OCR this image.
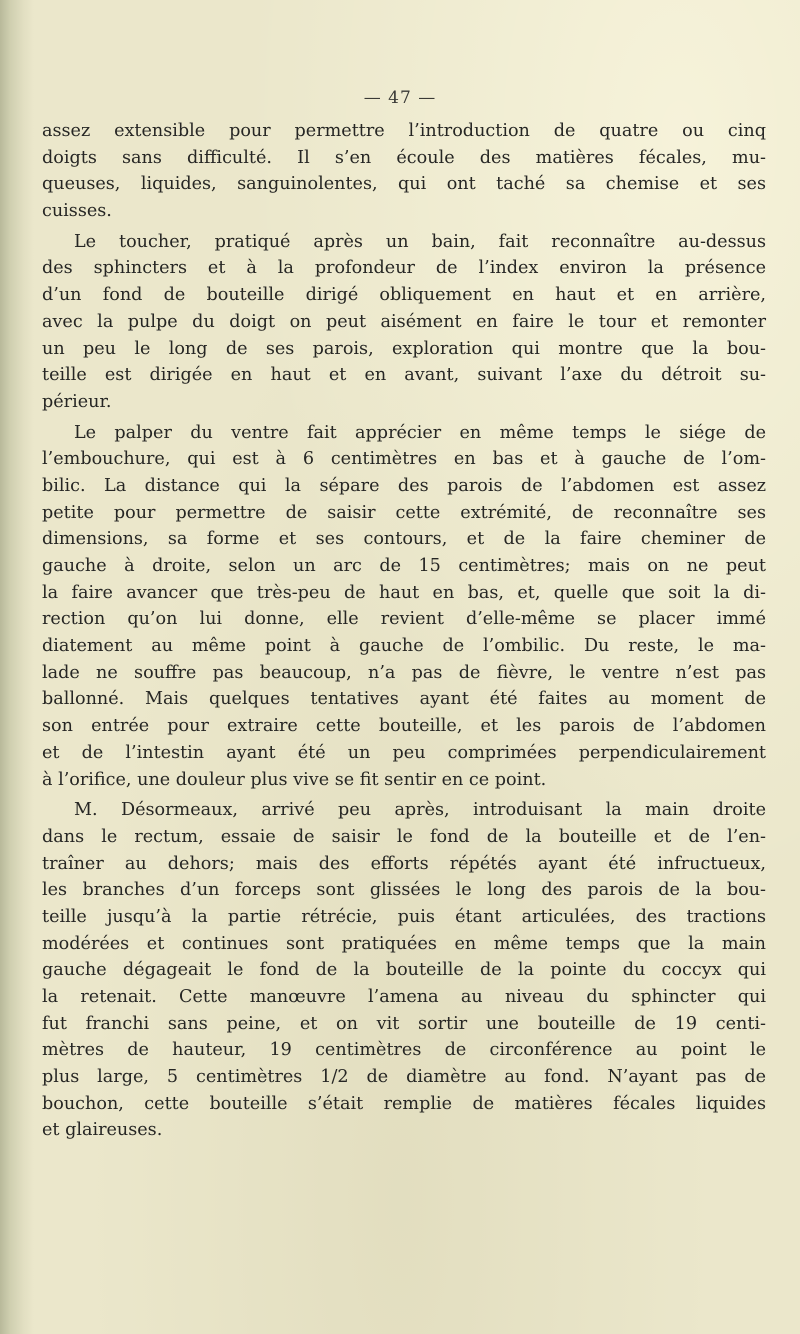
— 47 —
assez extensible pour permettre l’introduction de quatre ou cinq
doigts sans difficulté. Il s’en écoule des matières fécales, mu-
queuses, liquides, sanguinolentes, qui ont taché sa chemise et ses
cuisses.
Le toucher, pratiqué après un bain, fait reconnaître au-dessus
des sphincters et à la profondeur de l’index environ la présence
d’un fond de bouteille dirigé obliquement en haut et en arrière,
avec la pulpe du doigt on peut aisément en faire le tour et remonter
un peu le long de ses parois, exploration qui montre que la bou-
teille est dirigée en haut et en avant, suivant l’axe du détroit su-
périeur.
Le palper du ventre fait apprécier en même temps le siége de
l’embouchure, qui est à 6 centimètres en bas et à gauche de l’om-
bilic. La distance qui la sépare des parois de l’abdomen est assez
petite pour permettre de saisir cette extrémité, de reconnaître ses
dimensions, sa forme et ses contours, et de la faire cheminer de
gauche à droite, selon un arc de 15 centimètres; mais on ne peut
la faire avancer que très-peu de haut en bas, et, quelle que soit la di-
rection qu’on lui donne, elle revient d’elle-même se placer immé
diatement au même point à gauche de l’ombilic. Du reste, le ma-
lade ne souffre pas beaucoup, n’a pas de fièvre, le ventre n’est pas
ballonné. Mais quelques tentatives ayant été faites au moment de
son entrée pour extraire cette bouteille, et les parois de l’abdomen
et de l’intestin ayant été un peu comprimées perpendiculairement
à l’orifice, une douleur plus vive se fit sentir en ce point.
M. Désormeaux, arrivé peu après, introduisant la main droite
dans le rectum, essaie de saisir le fond de la bouteille et de l’en-
traîner au dehors; mais des efforts répétés ayant été infructueux,
les branches d’un forceps sont glissées le long des parois de la bou-
teille jusqu’à la partie rétrécie, puis étant articulées, des tractions
modérées et continues sont pratiquées en même temps que la main
gauche dégageait le fond de la bouteille de la pointe du coccyx qui
la retenait. Cette manœuvre l’amena au niveau du sphincter qui
fut franchi sans peine, et on vit sortir une bouteille de 19 centi-
mètres de hauteur, 19 centimètres de circonférence au point le
plus large, 5 centimètres 1/2 de diamètre au fond. N’ayant pas de
bouchon, cette bouteille s’était remplie de matières fécales liquides
et glaireuses.
